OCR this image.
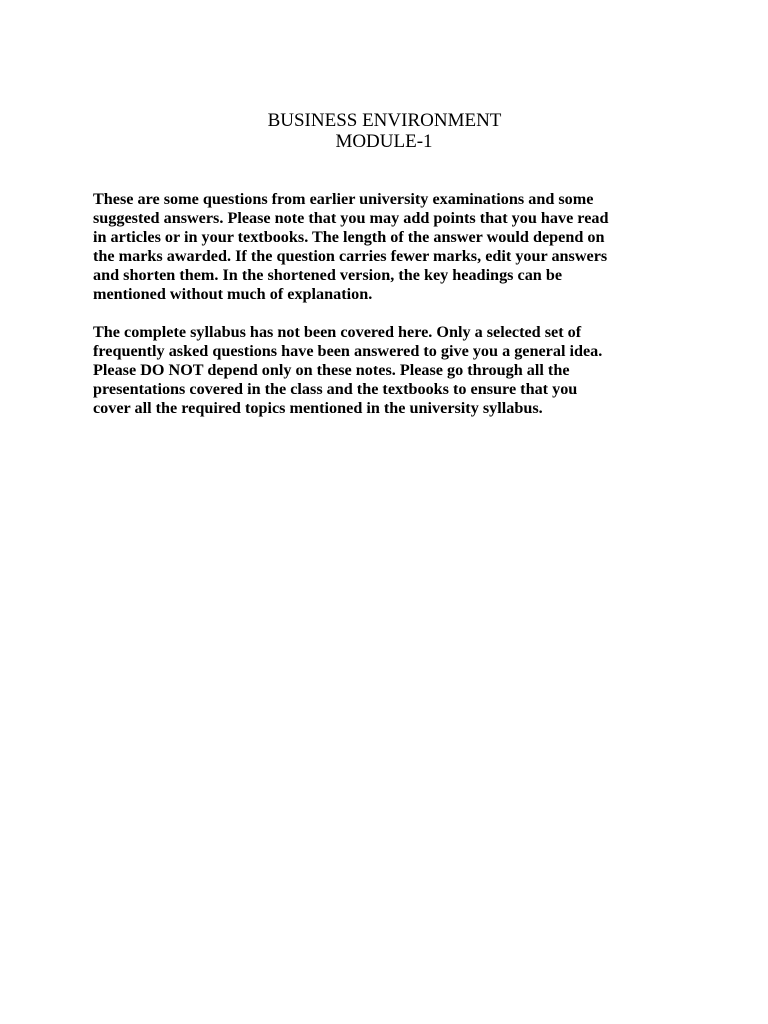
BUSINESS ENVIRONMENT
MODULE-1

These are some questions from earlier university examinations and some
suggested answers. Please note that you may add points that you have read
in articles or in your textbooks. The length of the answer would depend on
the marks awarded. If the question carries fewer marks, edit your answers
and shorten them. In the shortened version, the key headings can be
mentioned without much of explanation.

The complete syllabus has not been covered here. Only a selected set of
frequently asked questions have been answered to give you a general idea.
Please DO NOT depend only on these notes. Please go through all the
presentations covered in the class and the textbooks to ensure that you
cover all the required topics mentioned in the university syllabus.
